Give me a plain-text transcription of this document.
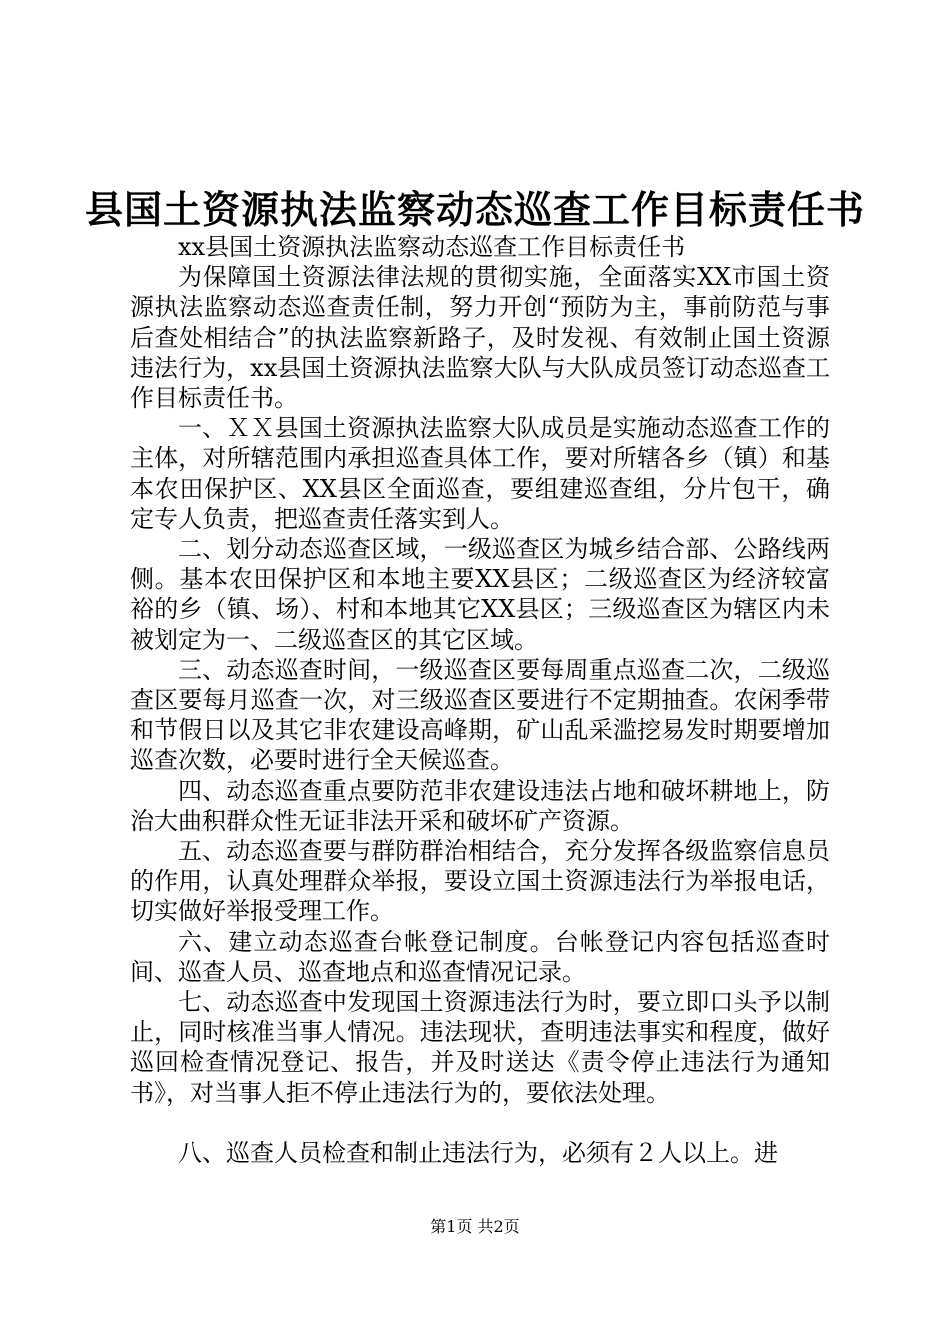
县国土资源执法监察动态巡查工作目标责任书

xx县国土资源执法监察动态巡查工作目标责任书

为保障国土资源法律法规的贯彻实施，全面落实XX市国土资源执法监察动态巡查责任制，努力开创“预防为主，事前防范与事后查处相结合”的执法监察新路子，及时发视、有效制止国土资源违法行为，xx县国土资源执法监察大队与大队成员签订动态巡查工作目标责任书。

一、ＸＸ县国土资源执法监察大队成员是实施动态巡查工作的主体，对所辖范围内承担巡查具体工作，要对所辖各乡（镇）和基本农田保护区、XX县区全面巡查，要组建巡查组，分片包干，确定专人负责，把巡查责任落实到人。

二、划分动态巡查区域，一级巡查区为城乡结合部、公路线两侧。基本农田保护区和本地主要XX县区；二级巡查区为经济较富裕的乡（镇、场）、村和本地其它XX县区；三级巡查区为辖区内未被划定为一、二级巡查区的其它区域。

三、动态巡查时间，一级巡查区要每周重点巡查二次，二级巡查区要每月巡查一次，对三级巡查区要进行不定期抽查。农闲季带和节假日以及其它非农建设高峰期，矿山乱采滥挖易发时期要增加巡查次数，必要时进行全天候巡查。

四、动态巡查重点要防范非农建设违法占地和破坏耕地上，防治大曲积群众性无证非法开采和破坏矿产资源。

五、动态巡查要与群防群治相结合，充分发挥各级监察信息员的作用，认真处理群众举报，要设立国土资源违法行为举报电话，切实做好举报受理工作。

六、建立动态巡查台帐登记制度。台帐登记内容包括巡查时间、巡查人员、巡查地点和巡查情况记录。

七、动态巡查中发现国土资源违法行为时，要立即口头予以制止，同时核准当事人情况。违法现状，查明违法事实和程度，做好巡回检查情况登记、报告，并及时送达《责令停止违法行为通知书》，对当事人拒不停止违法行为的，要依法处理。

八、巡查人员检查和制止违法行为，必须有２人以上。进

第1页 共2页
